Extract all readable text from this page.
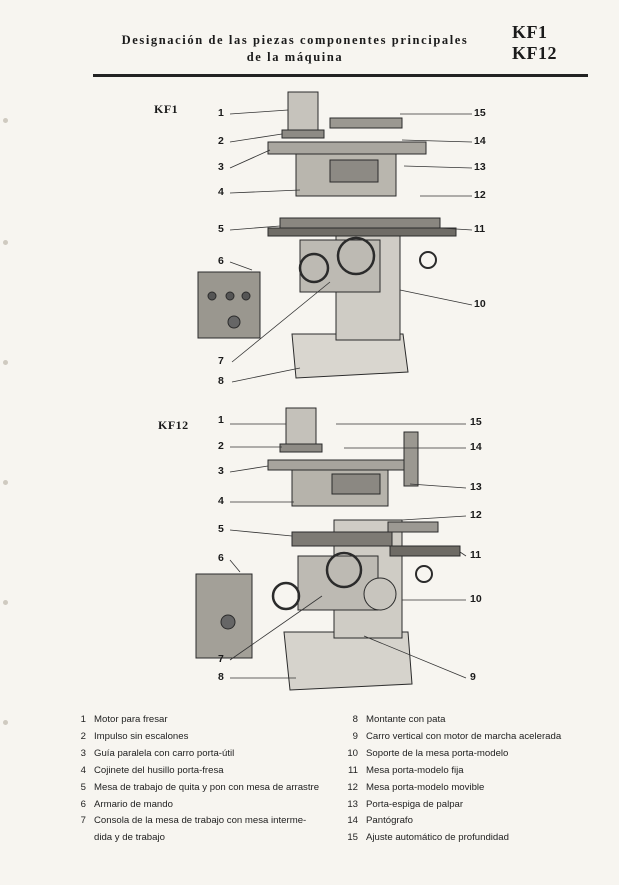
Designación de las piezas componentes principales
de la máquina
KF1
KF12
KF1	1
2
3
4
5
6
7
8
15
14
13
12
11
10
KF12	1
2
3
4
5
6
7
8
15
14
13
12
11
10
9
1 Motor para fresar
2 Impulso sin escalones
3 Guía paralela con carro porta-útil
4 Cojinete del husillo porta-fresa
5 Mesa de trabajo de quita y pon con mesa de arrastre
6 Armario de mando
7 Consola de la mesa de trabajo con mesa interme-
dida y de trabajo
8 Montante con pata
9 Carro vertical con motor de marcha acelerada
10 Soporte de la mesa porta-modelo
11 Mesa porta-modelo fija
12 Mesa porta-modelo movible
13 Porta-espiga de palpar
14 Pantógrafo
15 Ajuste automático de profundidad
